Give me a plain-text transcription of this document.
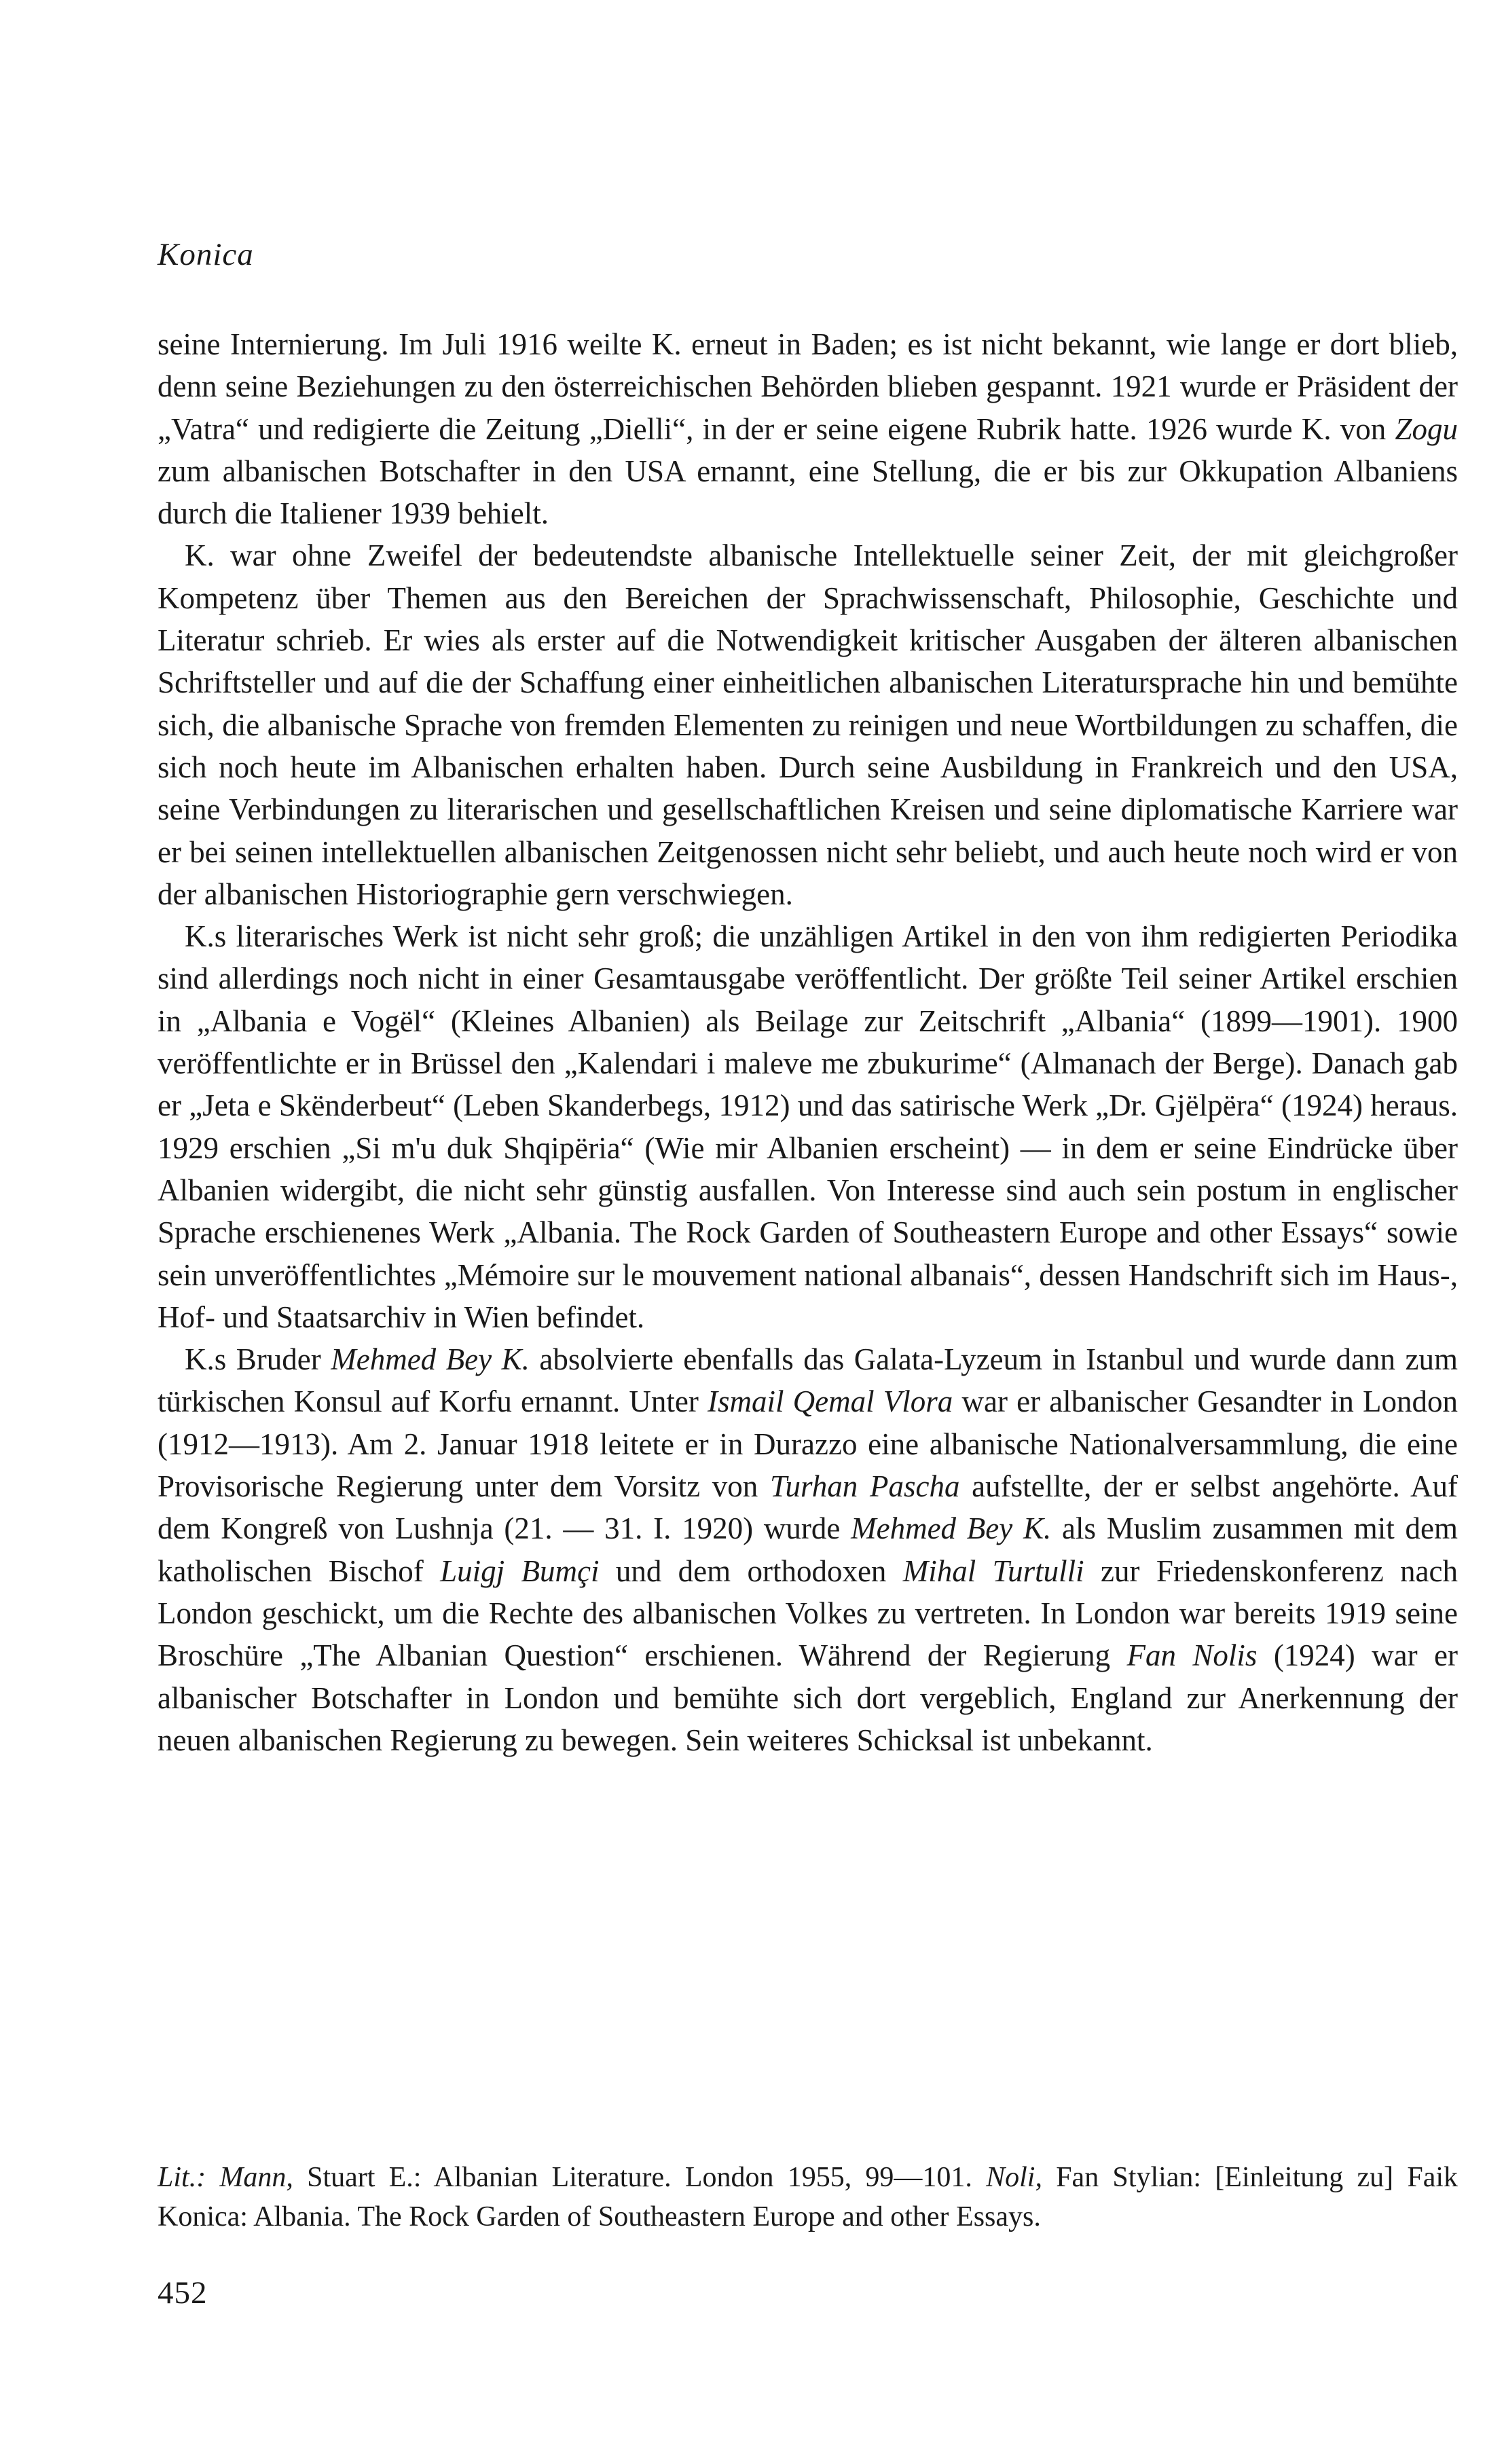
Konica

seine Internierung. Im Juli 1916 weilte K. erneut in Baden; es ist nicht bekannt, wie lange er dort blieb, denn seine Beziehungen zu den österreichischen Behörden blieben gespannt. 1921 wurde er Präsident der „Vatra“ und redigierte die Zeitung „Dielli“, in der er seine eigene Rubrik hatte. 1926 wurde K. von Zogu zum albanischen Botschafter in den USA ernannt, eine Stellung, die er bis zur Okkupation Albaniens durch die Italiener 1939 behielt.

K. war ohne Zweifel der bedeutendste albanische Intellektuelle seiner Zeit, der mit gleichgroßer Kompetenz über Themen aus den Bereichen der Sprachwissenschaft, Philosophie, Geschichte und Literatur schrieb. Er wies als erster auf die Notwendigkeit kritischer Ausgaben der älteren albanischen Schriftsteller und auf die der Schaffung einer einheitlichen albanischen Literatursprache hin und bemühte sich, die albanische Sprache von fremden Elementen zu reinigen und neue Wortbildungen zu schaffen, die sich noch heute im Albanischen erhalten haben. Durch seine Ausbildung in Frankreich und den USA, seine Verbindungen zu literarischen und gesellschaftlichen Kreisen und seine diplomatische Karriere war er bei seinen intellektuellen albanischen Zeitgenossen nicht sehr beliebt, und auch heute noch wird er von der albanischen Historiographie gern verschwiegen.

K.s literarisches Werk ist nicht sehr groß; die unzähligen Artikel in den von ihm redigierten Periodika sind allerdings noch nicht in einer Gesamtausgabe veröffentlicht. Der größte Teil seiner Artikel erschien in „Albania e Vogël“ (Kleines Albanien) als Beilage zur Zeitschrift „Albania“ (1899—1901). 1900 veröffentlichte er in Brüssel den „Kalendari i maleve me zbukurime“ (Almanach der Berge). Danach gab er „Jeta e Skënderbeut“ (Leben Skanderbegs, 1912) und das satirische Werk „Dr. Gjëlpëra“ (1924) heraus. 1929 erschien „Si m'u duk Shqipëria“ (Wie mir Albanien erscheint) — in dem er seine Eindrücke über Albanien widergibt, die nicht sehr günstig ausfallen. Von Interesse sind auch sein postum in englischer Sprache erschienenes Werk „Albania. The Rock Garden of Southeastern Europe and other Essays“ sowie sein unveröffentlichtes „Mémoire sur le mouvement national albanais“, dessen Handschrift sich im Haus-, Hof- und Staatsarchiv in Wien befindet.

K.s Bruder Mehmed Bey K. absolvierte ebenfalls das Galata-Lyzeum in Istanbul und wurde dann zum türkischen Konsul auf Korfu ernannt. Unter Ismail Qemal Vlora war er albanischer Gesandter in London (1912—1913). Am 2. Januar 1918 leitete er in Durazzo eine albanische Nationalversammlung, die eine Provisorische Regierung unter dem Vorsitz von Turhan Pascha aufstellte, der er selbst angehörte. Auf dem Kongreß von Lushnja (21. — 31. I. 1920) wurde Mehmed Bey K. als Muslim zusammen mit dem katholischen Bischof Luigj Bumçi und dem orthodoxen Mihal Turtulli zur Friedenskonferenz nach London geschickt, um die Rechte des albanischen Volkes zu vertreten. In London war bereits 1919 seine Broschüre „The Albanian Question“ erschienen. Während der Regierung Fan Nolis (1924) war er albanischer Botschafter in London und bemühte sich dort vergeblich, England zur Anerkennung der neuen albanischen Regierung zu bewegen. Sein weiteres Schicksal ist unbekannt.

Lit.: Mann, Stuart E.: Albanian Literature. London 1955, 99—101. Noli, Fan Stylian: [Einleitung zu] Faik Konica: Albania. The Rock Garden of Southeastern Europe and other Essays.

452
